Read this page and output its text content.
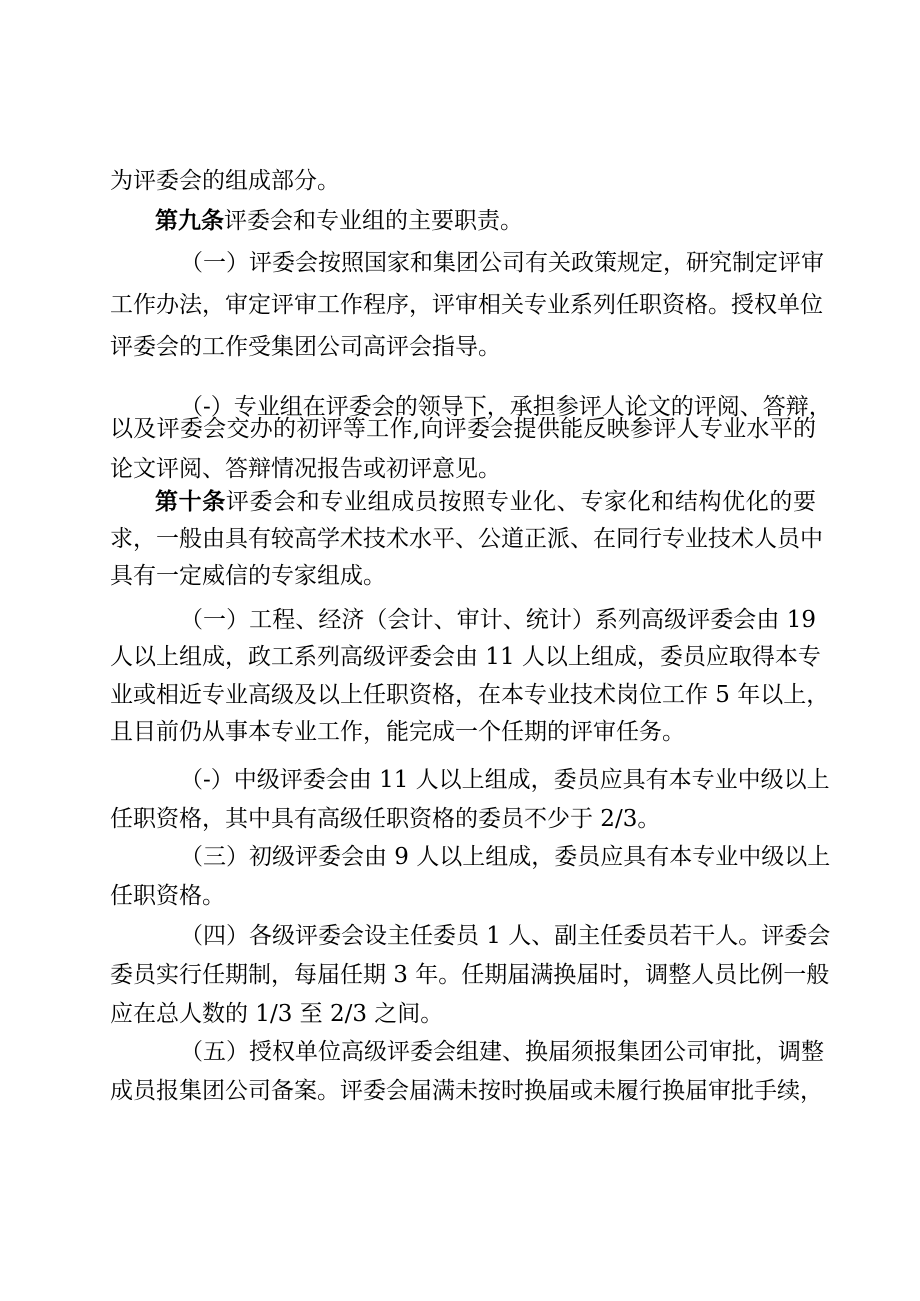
为评委会的组成部分。
第九条评委会和专业组的主要职责。
（一）评委会按照国家和集团公司有关政策规定，研究制定评审
工作办法，审定评审工作程序，评审相关专业系列任职资格。授权单位
评委会的工作受集团公司高评会指导。
（-）专业组在评委会的领导下，承担参评人论文的评阅、答辩，
以及评委会交办的初评等工作,向评委会提供能反映参评人专业水平的
论文评阅、答辩情况报告或初评意见。
第十条评委会和专业组成员按照专业化、专家化和结构优化的要
求，一般由具有较高学术技术水平、公道正派、在同行专业技术人员中
具有一定威信的专家组成。
（一）工程、经济（会计、审计、统计）系列高级评委会由 19
人以上组成，政工系列高级评委会由 11 人以上组成，委员应取得本专
业或相近专业高级及以上任职资格，在本专业技术岗位工作 5 年以上，
且目前仍从事本专业工作，能完成一个任期的评审任务。
（-）中级评委会由 11 人以上组成，委员应具有本专业中级以上
任职资格，其中具有高级任职资格的委员不少于 2/3。
（三）初级评委会由 9 人以上组成，委员应具有本专业中级以上
任职资格。
（四）各级评委会设主任委员 1 人、副主任委员若干人。评委会
委员实行任期制，每届任期 3 年。任期届满换届时，调整人员比例一般
应在总人数的 1/3 至 2/3 之间。
（五）授权单位高级评委会组建、换届须报集团公司审批，调整
成员报集团公司备案。评委会届满未按时换届或未履行换届审批手续，
